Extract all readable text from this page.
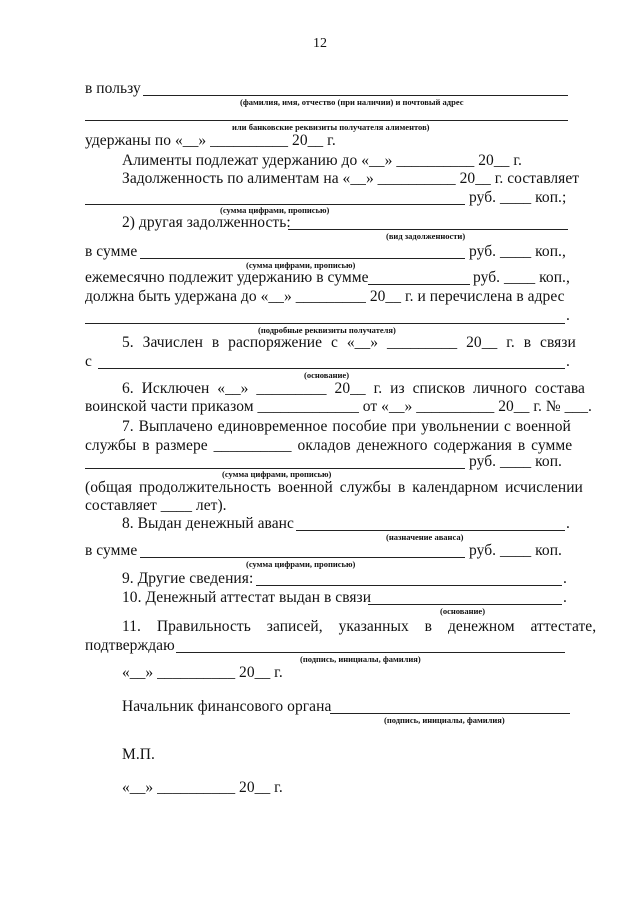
12
в пользу
(фамилия, имя, отчество (при наличии) и почтовый адрес
или банковские реквизиты получателя алиментов)
удержаны по «__» __________ 20__ г.
Алименты подлежат удержанию до «__» __________ 20__ г.
Задолженность по алиментам на «__» __________ 20__ г. составляет
руб. ____ коп.;
(сумма цифрами, прописью)
2) другая задолженность:
(вид задолженности)
в сумме	руб. ____ коп.,
(сумма цифрами, прописью)
ежемесячно подлежит удержанию в сумме	руб. ____ коп.,
должна быть удержана до «__» _________ 20__ г. и перечислена в адрес
.
(подробные реквизиты получателя)
5. Зачислен в распоряжение с «__» _________ 20__ г. в связи
с	.
(основание)
6. Исключен «__» _________ 20__ г. из списков личного состава
воинской части приказом _____________ от «__» __________ 20__ г. № ___.
7. Выплачено единовременное пособие при увольнении с военной
службы в размере __________ окладов денежного содержания в сумме
руб. ____ коп.
(сумма цифрами, прописью)
(общая продолжительность военной службы в календарном исчислении
составляет ____ лет).
8. Выдан денежный аванс	.
(назначение аванса)
в сумме	руб. ____ коп.
(сумма цифрами, прописью)
9. Другие сведения:	.
10. Денежный аттестат выдан в связи	.
(основание)
11. Правильность записей, указанных в денежном аттестате,
подтверждаю
(подпись, инициалы, фамилия)
«__» __________ 20__ г.
Начальник финансового органа
(подпись, инициалы, фамилия)
М.П.
«__» __________ 20__ г.
